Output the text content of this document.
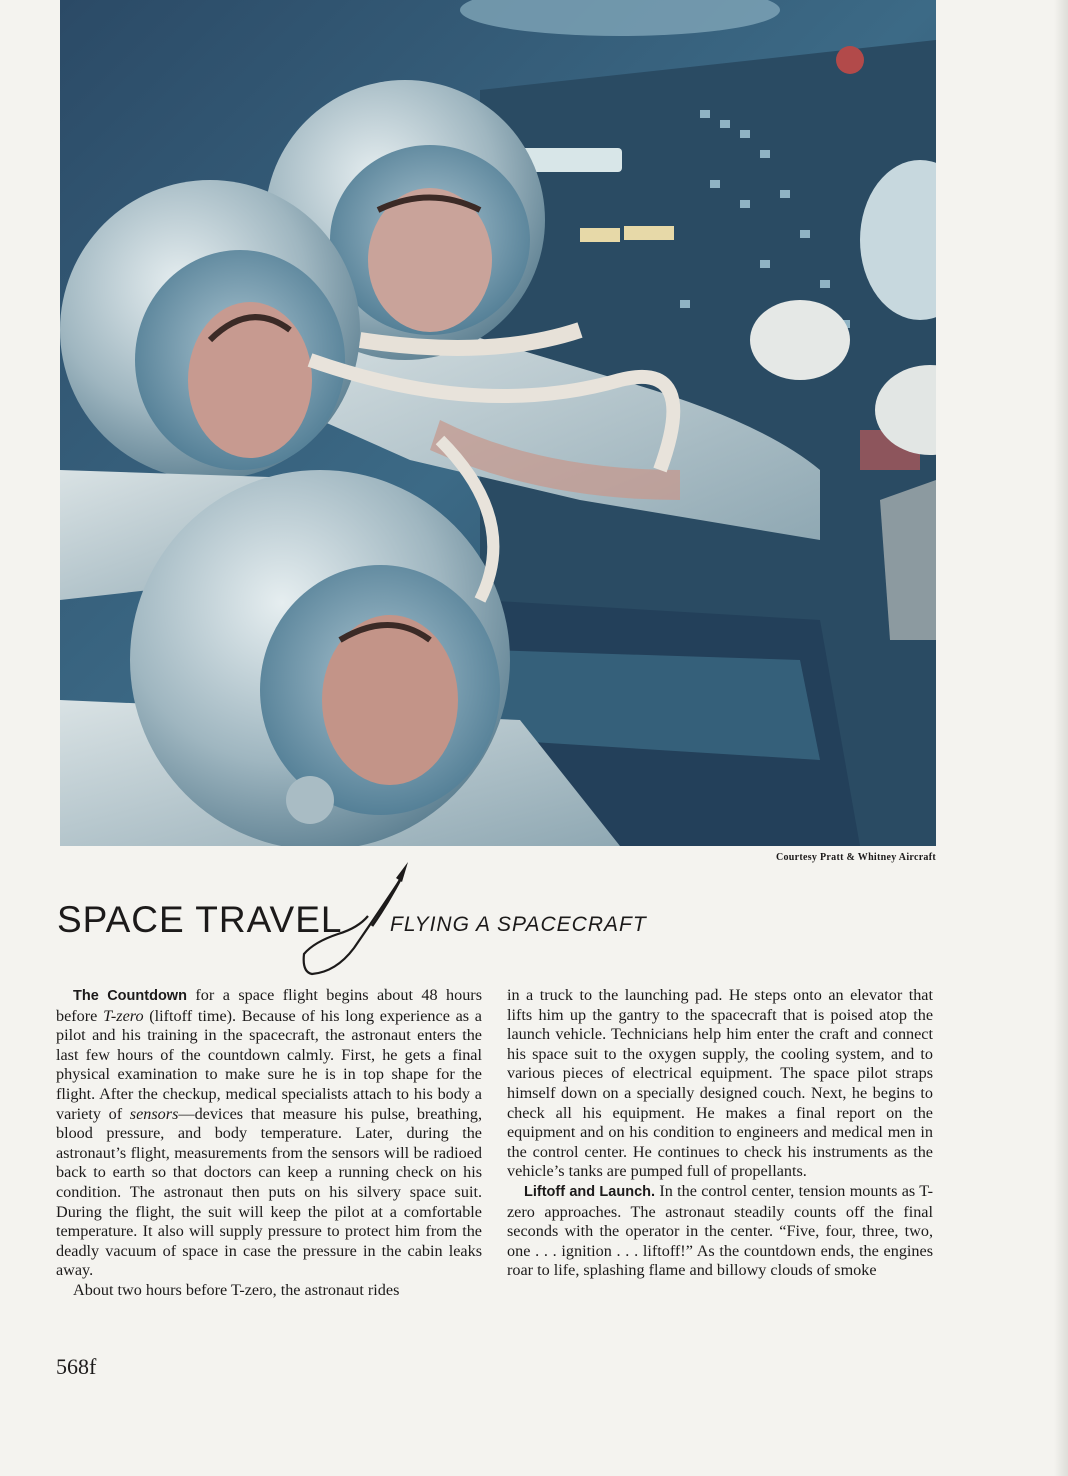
Courtesy Pratt & Whitney Aircraft
SPACE TRAVEL FLYING A SPACECRAFT

The Countdown for a space flight begins about 48 hours before T-zero (liftoff time). Because of his long experience as a pilot and his training in the spacecraft, the astronaut enters the last few hours of the countdown calmly. First, he gets a final physical examination to make sure he is in top shape for the flight. After the checkup, medical specialists attach to his body a variety of sensors—devices that measure his pulse, breathing, blood pressure, and body temperature. Later, during the astronaut’s flight, measurements from the sensors will be radioed back to earth so that doctors can keep a running check on his condition. The astronaut then puts on his silvery space suit. During the flight, the suit will keep the pilot at a comfortable temperature. It also will supply pressure to protect him from the deadly vacuum of space in case the pressure in the cabin leaks away.

About two hours before T-zero, the astronaut rides

in a truck to the launching pad. He steps onto an elevator that lifts him up the gantry to the spacecraft that is poised atop the launch vehicle. Technicians help him enter the craft and connect his space suit to the oxygen supply, the cooling system, and to various pieces of electrical equipment. The space pilot straps himself down on a specially designed couch. Next, he begins to check all his equipment. He makes a final report on the equipment and on his condition to engineers and medical men in the control center. He continues to check his instruments as the vehicle’s tanks are pumped full of propellants.

Liftoff and Launch. In the control center, tension mounts as T-zero approaches. The astronaut steadily counts off the final seconds with the operator in the center. “Five, four, three, two, one . . . ignition . . . liftoff!” As the countdown ends, the engines roar to life, splashing flame and billowy clouds of smoke

568f
